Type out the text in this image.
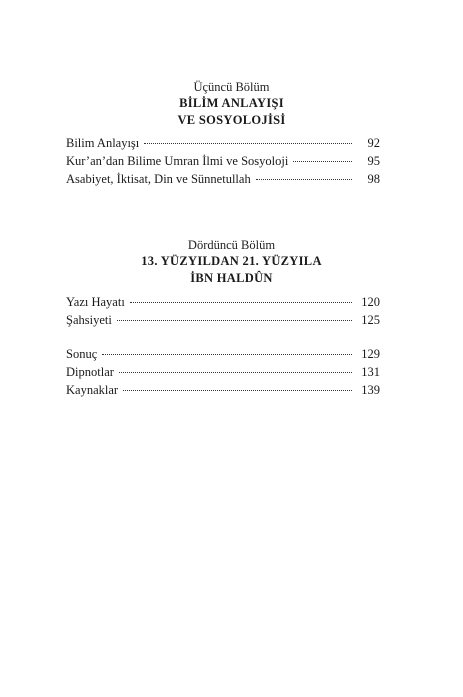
Üçüncü Bölüm
BİLİM ANLAYIŞI
VE SOSYOLOJİSİ
Bilim Anlayışı	92
Kur’an’dan Bilime Umran İlmi ve Sosyoloji	95
Asabiyet, İktisat, Din ve Sünnetullah	98
Dördüncü Bölüm
13. YÜZYILDAN 21. YÜZYILA
İBN HALDÛN
Yazı Hayatı	120
Şahsiyeti	125
Sonuç	129
Dipnotlar	131
Kaynaklar	139
